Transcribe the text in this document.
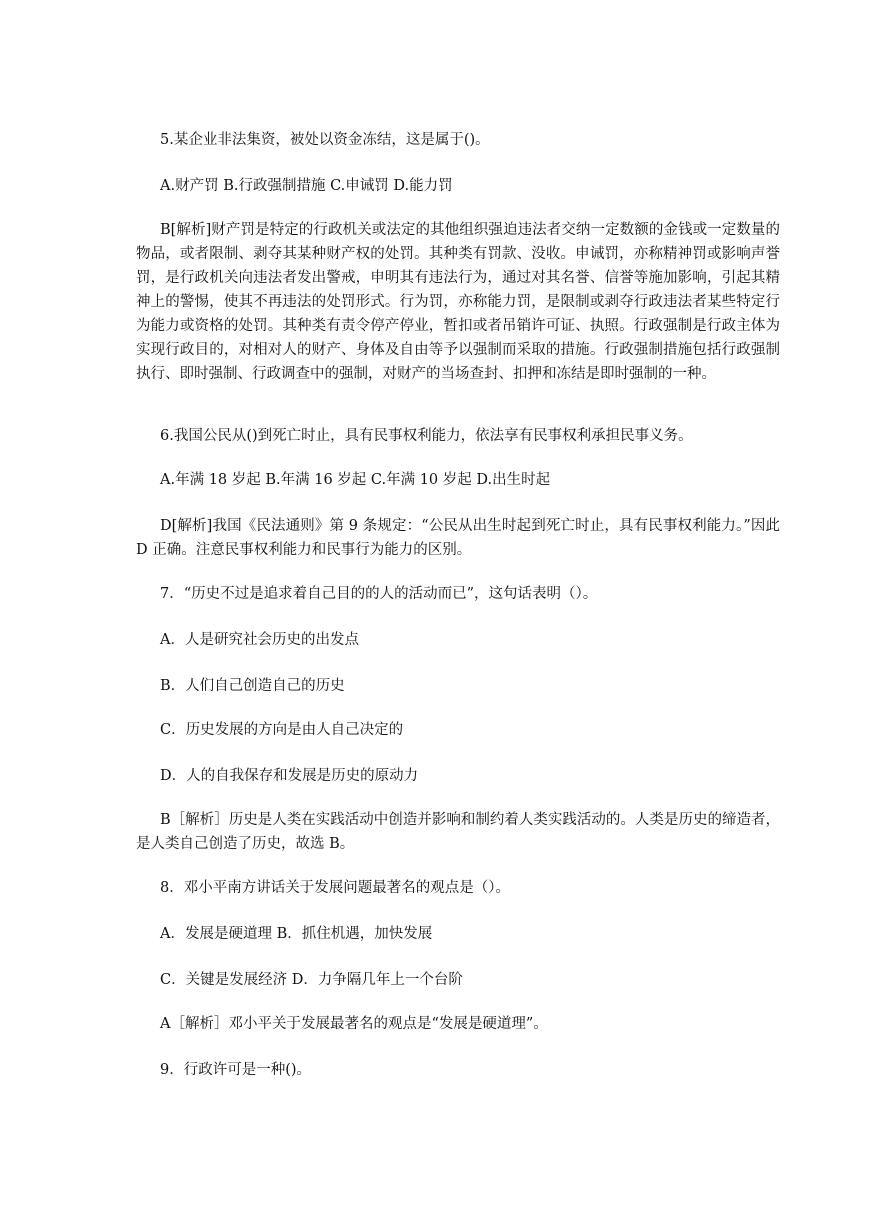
5.某企业非法集资，被处以资金冻结，这是属于()。

A.财产罚 B.行政强制措施 C.申诫罚 D.能力罚

B[解析]财产罚是特定的行政机关或法定的其他组织强迫违法者交纳一定数额的金钱或一定数量的物品，或者限制、剥夺其某种财产权的处罚。其种类有罚款、没收。申诫罚，亦称精神罚或影响声誉罚，是行政机关向违法者发出警戒，申明其有违法行为，通过对其名誉、信誉等施加影响，引起其精神上的警惕，使其不再违法的处罚形式。行为罚，亦称能力罚，是限制或剥夺行政违法者某些特定行为能力或资格的处罚。其种类有责令停产停业，暂扣或者吊销许可证、执照。行政强制是行政主体为实现行政目的，对相对人的财产、身体及自由等予以强制而采取的措施。行政强制措施包括行政强制执行、即时强制、行政调查中的强制，对财产的当场查封、扣押和冻结是即时强制的一种。

6.我国公民从()到死亡时止，具有民事权利能力，依法享有民事权利承担民事义务。

A.年满 18 岁起 B.年满 16 岁起 C.年满 10 岁起 D.出生时起

D[解析]我国《民法通则》第 9 条规定：“公民从出生时起到死亡时止，具有民事权利能力。”因此 D 正确。注意民事权利能力和民事行为能力的区别。

7．“历史不过是追求着自己目的的人的活动而已”，这句话表明（）。

A．人是研究社会历史的出发点

B．人们自己创造自己的历史

C．历史发展的方向是由人自己决定的

D．人的自我保存和发展是历史的原动力

B［解析］历史是人类在实践活动中创造并影响和制约着人类实践活动的。人类是历史的缔造者，是人类自己创造了历史，故选 B。

8．邓小平南方讲话关于发展问题最著名的观点是（）。

A．发展是硬道理 B．抓住机遇，加快发展

C．关键是发展经济 D．力争隔几年上一个台阶

A［解析］邓小平关于发展最著名的观点是“发展是硬道理”。

9．行政许可是一种()。
